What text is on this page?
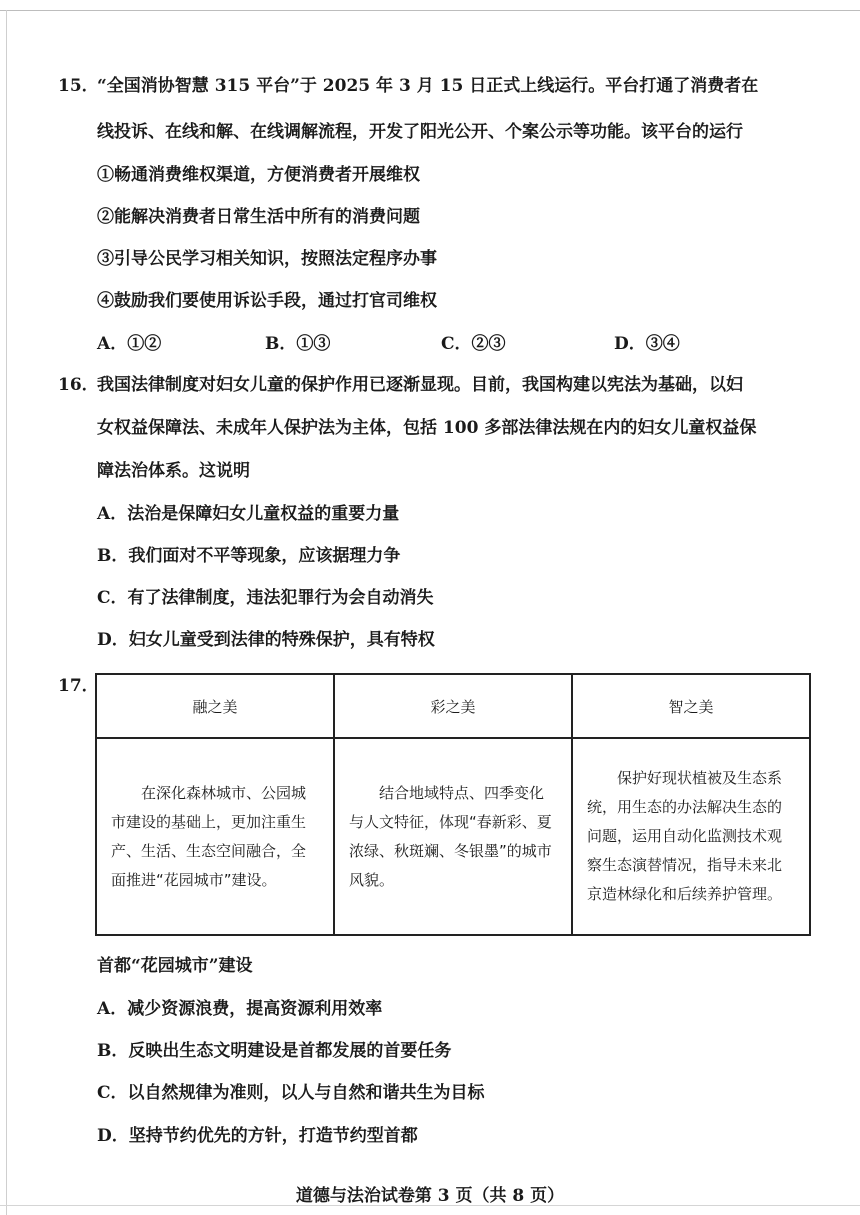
15．
“全国消协智慧 315 平台”于 2025 年 3 月 15 日正式上线运行。平台打通了消费者在
线投诉、在线和解、在线调解流程，开发了阳光公开、个案公示等功能。该平台的运行
①畅通消费维权渠道，方便消费者开展维权
②能解决消费者日常生活中所有的消费问题
③引导公民学习相关知识，按照法定程序办事
④鼓励我们要使用诉讼手段，通过打官司维权
A．①②	B．①③	C．②③	D．③④
16．
我国法律制度对妇女儿童的保护作用已逐渐显现。目前，我国构建以宪法为基础，以妇
女权益保障法、未成年人保护法为主体，包括 100 多部法律法规在内的妇女儿童权益保
障法治体系。这说明
A．法治是保障妇女儿童权益的重要力量
B．我们面对不平等现象，应该据理力争
C．有了法律制度，违法犯罪行为会自动消失
D．妇女儿童受到法律的特殊保护，具有特权
17．
融之美	彩之美	智之美

在深化森林城市、公园城市建设的基础上，更加注重生产、生活、生态空间融合，全面推进“花园城市”建设。	结合地域特点、四季变化与人文特征，体现“春新彩、夏浓绿、秋斑斓、冬银墨”的城市风貌。	保护好现状植被及生态系统，用生态的办法解决生态的问题，运用自动化监测技术观察生态演替情况，指导未来北京造林绿化和后续养护管理。

首都“花园城市”建设
A．减少资源浪费，提高资源利用效率
B．反映出生态文明建设是首都发展的首要任务
C．以自然规律为准则，以人与自然和谐共生为目标
D．坚持节约优先的方针，打造节约型首都
道德与法治试卷第 3 页（共 8 页）
